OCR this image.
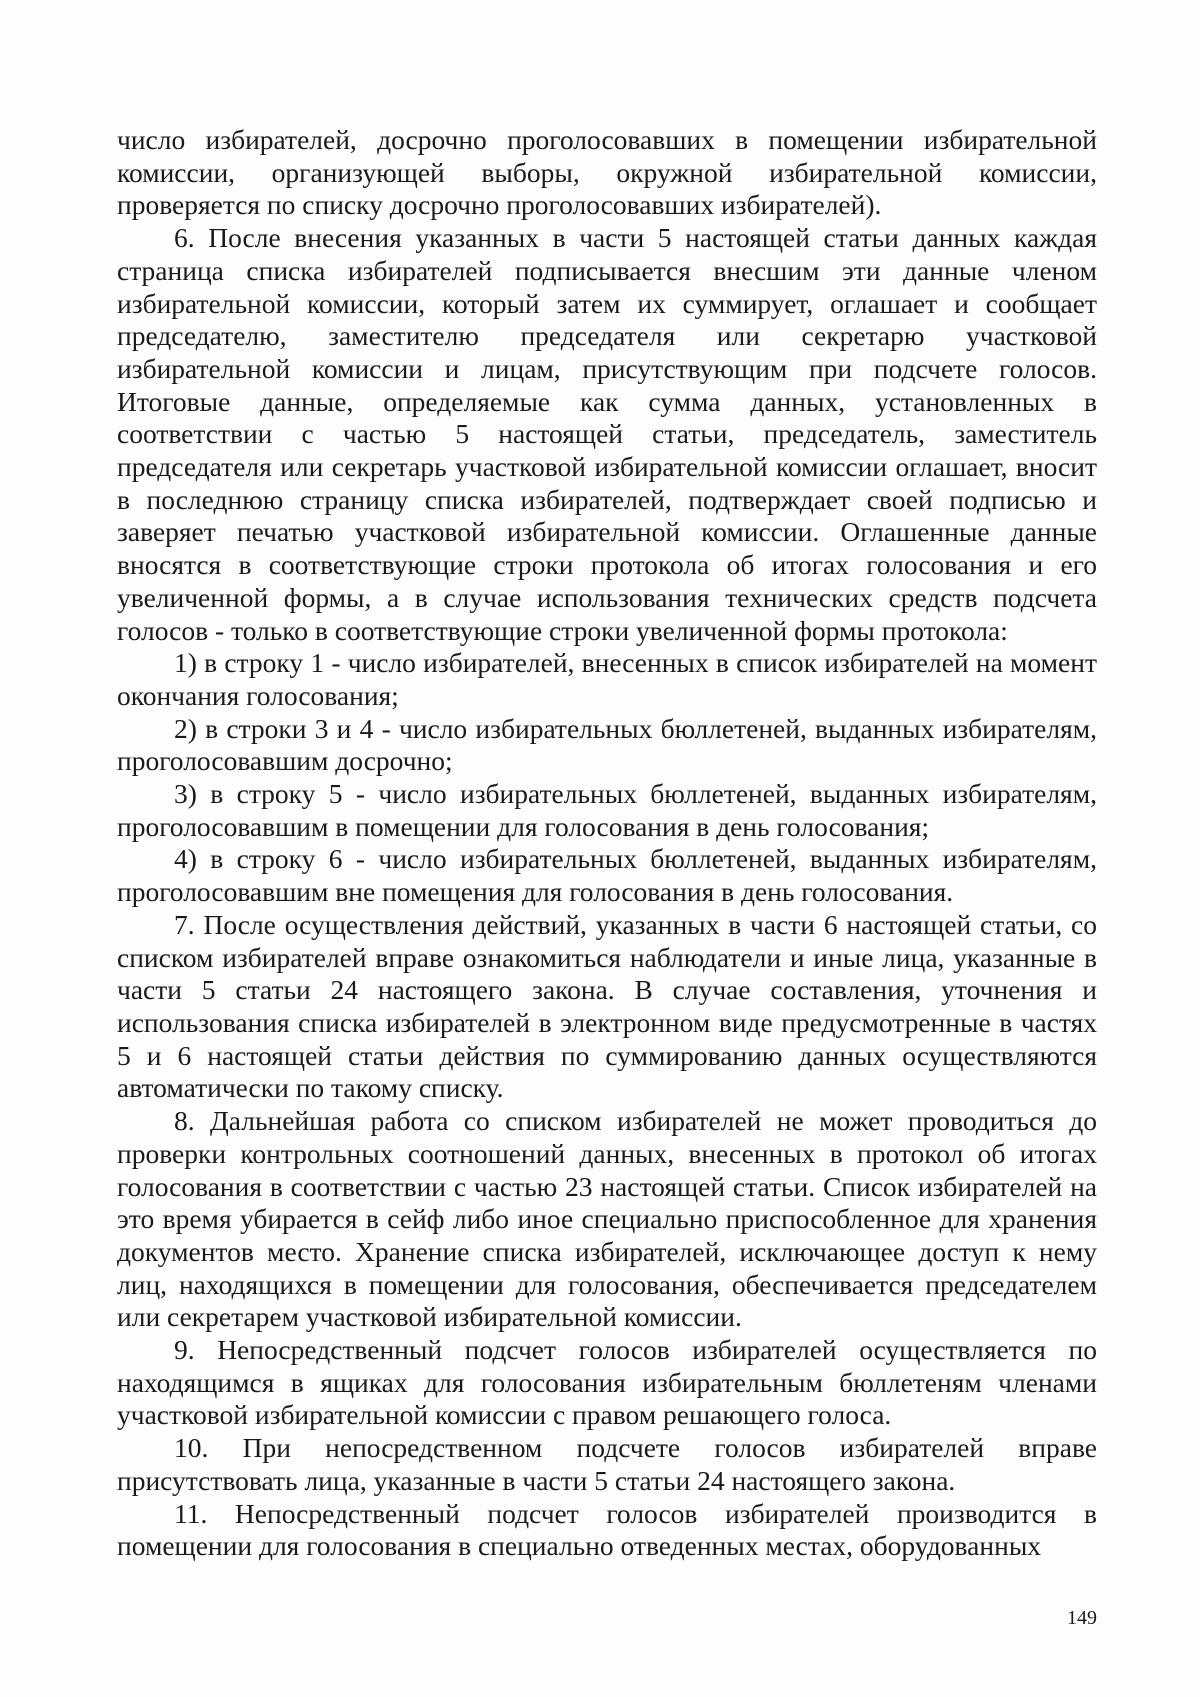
число избирателей, досрочно проголосовавших в помещении избирательной комиссии, организующей выборы, окружной избирательной комиссии, проверяется по списку досрочно проголосовавших избирателей).

6. После внесения указанных в части 5 настоящей статьи данных каждая страница списка избирателей подписывается внесшим эти данные членом избирательной комиссии, который затем их суммирует, оглашает и сообщает председателю, заместителю председателя или секретарю участковой избирательной комиссии и лицам, присутствующим при подсчете голосов. Итоговые данные, определяемые как сумма данных, установленных в соответствии с частью 5 настоящей статьи, председатель, заместитель председателя или секретарь участковой избирательной комиссии оглашает, вносит в последнюю страницу списка избирателей, подтверждает своей подписью и заверяет печатью участковой избирательной комиссии. Оглашенные данные вносятся в соответствующие строки протокола об итогах голосования и его увеличенной формы, а в случае использования технических средств подсчета голосов - только в соответствующие строки увеличенной формы протокола:

1) в строку 1 - число избирателей, внесенных в список избирателей на момент окончания голосования;

2) в строки 3 и 4 - число избирательных бюллетеней, выданных избирателям, проголосовавшим досрочно;

3) в строку 5 - число избирательных бюллетеней, выданных избирателям, проголосовавшим в помещении для голосования в день голосования;

4) в строку 6 - число избирательных бюллетеней, выданных избирателям, проголосовавшим вне помещения для голосования в день голосования.

7. После осуществления действий, указанных в части 6 настоящей статьи, со списком избирателей вправе ознакомиться наблюдатели и иные лица, указанные в части 5 статьи 24 настоящего закона. В случае составления, уточнения и использования списка избирателей в электронном виде предусмотренные в частях 5 и 6 настоящей статьи действия по суммированию данных осуществляются автоматически по такому списку.

8. Дальнейшая работа со списком избирателей не может проводиться до проверки контрольных соотношений данных, внесенных в протокол об итогах голосования в соответствии с частью 23 настоящей статьи. Список избирателей на это время убирается в сейф либо иное специально приспособленное для хранения документов место. Хранение списка избирателей, исключающее доступ к нему лиц, находящихся в помещении для голосования, обеспечивается председателем или секретарем участковой избирательной комиссии.

9. Непосредственный подсчет голосов избирателей осуществляется по находящимся в ящиках для голосования избирательным бюллетеням членами участковой избирательной комиссии с правом решающего голоса.

10. При непосредственном подсчете голосов избирателей вправе присутствовать лица, указанные в части 5 статьи 24 настоящего закона.

11. Непосредственный подсчет голосов избирателей производится в помещении для голосования в специально отведенных местах, оборудованных

149
